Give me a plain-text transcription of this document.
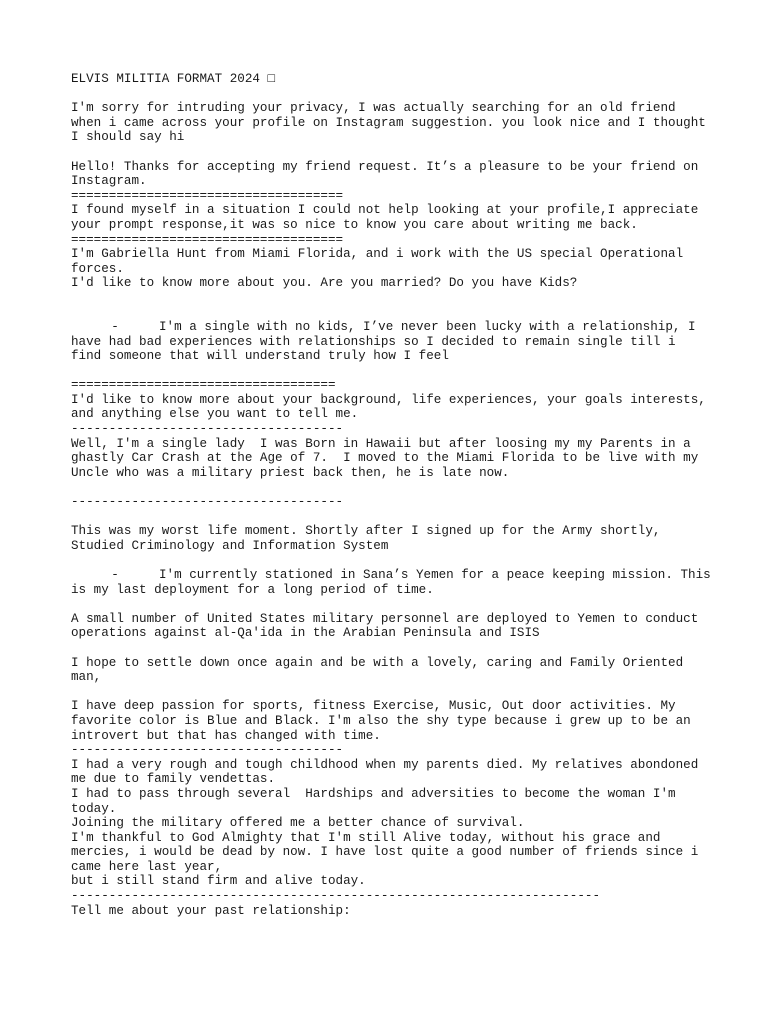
ELVIS MILITIA FORMAT 2024 □

I'm sorry for intruding your privacy, I was actually searching for an old friend when i came across your profile on Instagram suggestion. you look nice and I thought I should say hi

Hello! Thanks for accepting my friend request. It’s a pleasure to be your friend on Instagram.

====================================

I found myself in a situation I could not help looking at your profile,I appreciate your prompt response,it was so nice to know you care about writing me back.

====================================

I'm Gabriella Hunt from Miami Florida, and i work with the US special Operational forces.

I'd like to know more about you. Are you married? Do you have Kids?

-	I'm a single with no kids, I’ve never been lucky with a relationship, I have had bad experiences with relationships so I decided to remain single till i find someone that will understand truly how I feel

===================================

I'd like to know more about your background, life experiences, your goals interests, and anything else you want to tell me.

------------------------------------

Well, I'm a single lady  I was Born in Hawaii but after loosing my my Parents in a ghastly Car Crash at the Age of 7.  I moved to the Miami Florida to be live with my Uncle who was a military priest back then, he is late now.

------------------------------------

This was my worst life moment. Shortly after I signed up for the Army shortly, Studied Criminology and Information System

-	I'm currently stationed in Sana’s Yemen for a peace keeping mission. This is my last deployment for a long period of time.

A small number of United States military personnel are deployed to Yemen to conduct operations against al-Qa'ida in the Arabian Peninsula and ISIS

I hope to settle down once again and be with a lovely, caring and Family Oriented man,

I have deep passion for sports, fitness Exercise, Music, Out door activities. My favorite color is Blue and Black. I'm also the shy type because i grew up to be an introvert but that has changed with time.

------------------------------------

I had a very rough and tough childhood when my parents died. My relatives abondoned me due to family vendettas.

I had to pass through several  Hardships and adversities to become the woman I'm today.

Joining the military offered me a better chance of survival.

I'm thankful to God Almighty that I'm still Alive today, without his grace and mercies, i would be dead by now. I have lost quite a good number of friends since i came here last year,

but i still stand firm and alive today.

----------------------------------------------------------------------

Tell me about your past relationship:
